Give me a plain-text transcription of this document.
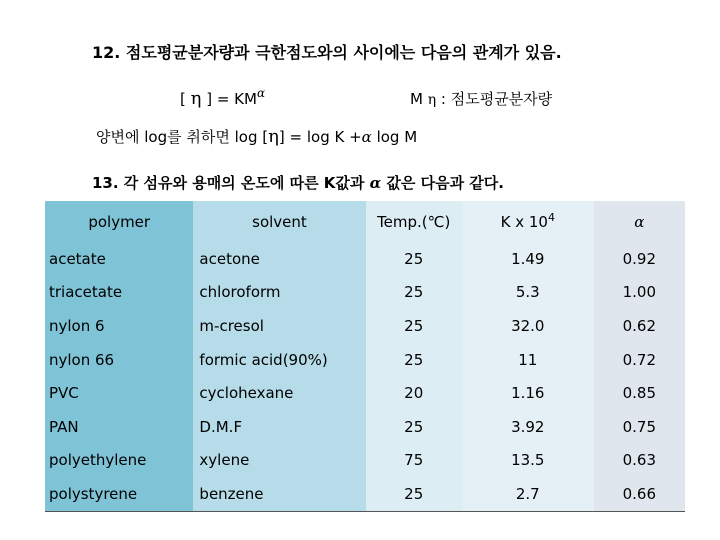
12. 점도평균분자량과 극한점도와의 사이에는 다음의 관계가 있음.
[ η ] = $KM^\alpha$	M η : 점도평균분자량
양변에 log를 취하면 log [η] = log K +α log M
13. 각 섬유와 용매의 온도에 따른 K값과 α 값은 다음과 같다.
polymer	solvent	Temp.(℃)	K x $10^4$	α
acetate	acetone	25	1.49	0.92
triacetate	chloroform	25	5.3	1.00
nylon 6	m-cresol	25	32.0	0.62
nylon 66	formic acid(90%)	25	11	0.72
PVC	cyclohexane	20	1.16	0.85
PAN	D.M.F	25	3.92	0.75
polyethylene	xylene	75	13.5	0.63
polystyrene	benzene	25	2.7	0.66
